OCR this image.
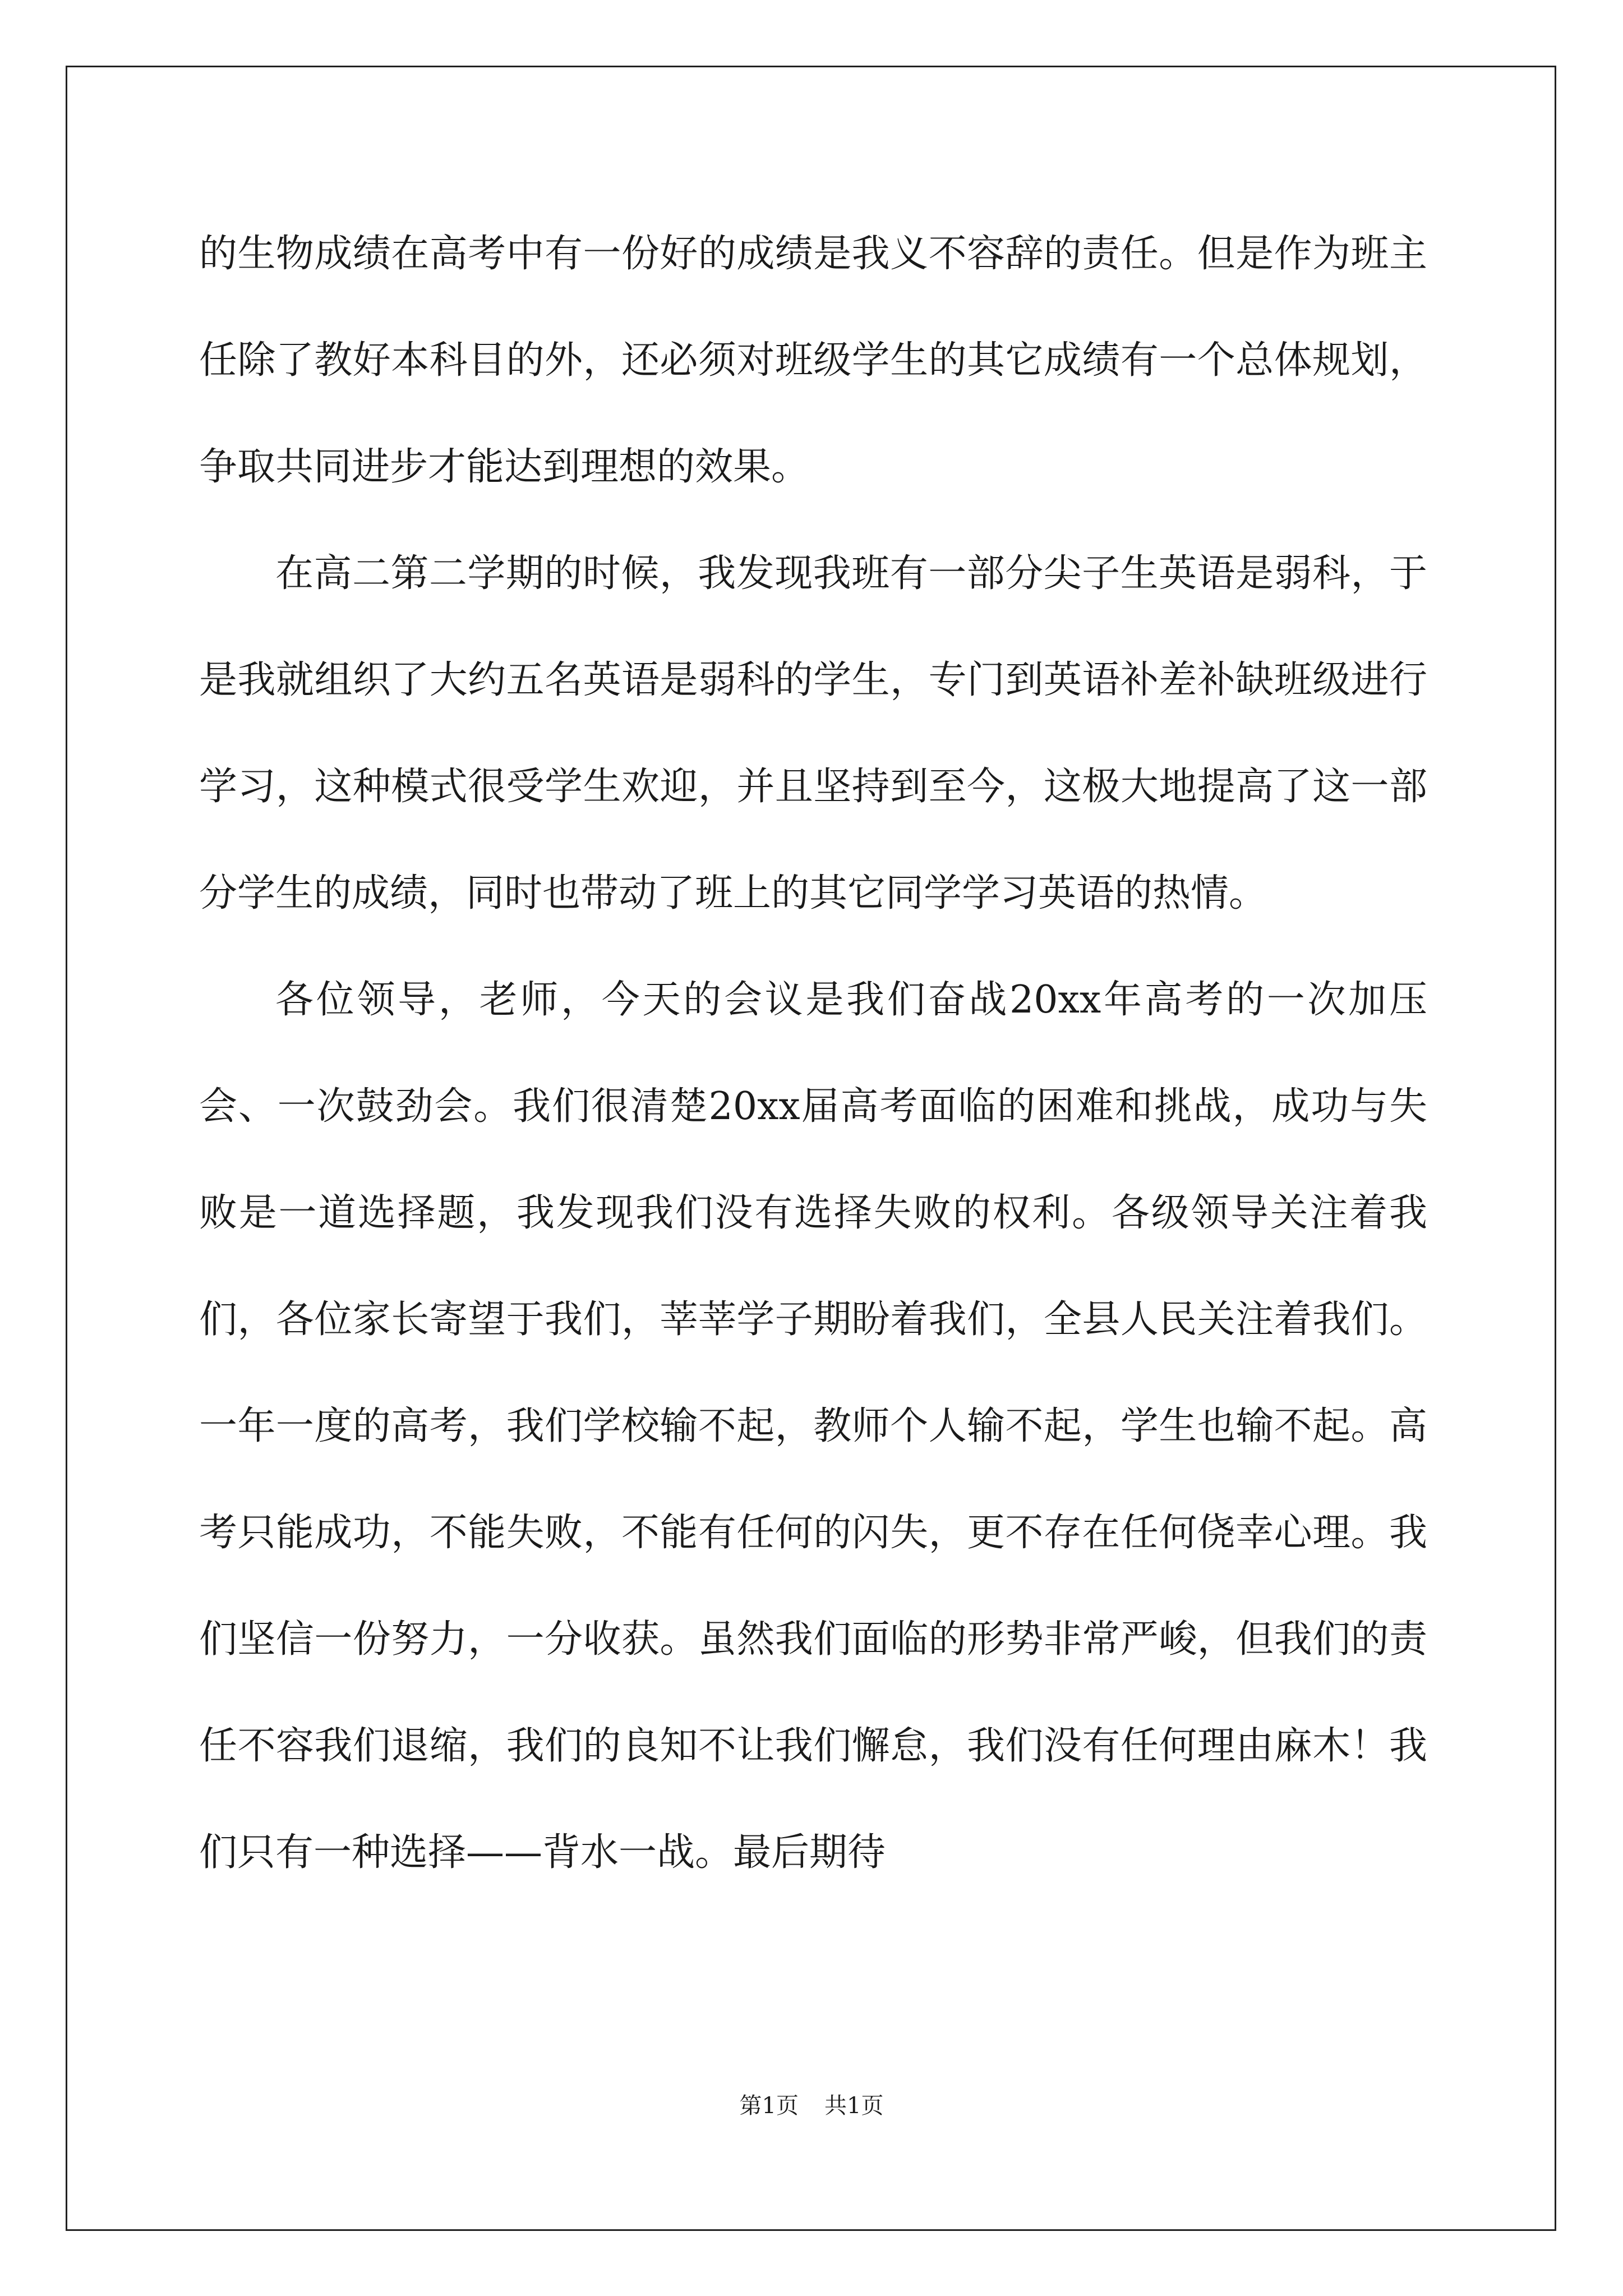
的生物成绩在高考中有一份好的成绩是我义不容辞的责任。但是作为班主任除了教好本科目的外，还必须对班级学生的其它成绩有一个总体规划，争取共同进步才能达到理想的效果。

在高二第二学期的时候，我发现我班有一部分尖子生英语是弱科，于是我就组织了大约五名英语是弱科的学生，专门到英语补差补缺班级进行学习，这种模式很受学生欢迎，并且坚持到至今，这极大地提高了这一部分学生的成绩，同时也带动了班上的其它同学学习英语的热情。

各位领导，老师，今天的会议是我们奋战20xx年高考的一次加压会、一次鼓劲会。我们很清楚20xx届高考面临的困难和挑战，成功与失败是一道选择题，我发现我们没有选择失败的权利。各级领导关注着我们，各位家长寄望于我们，莘莘学子期盼着我们，全县人民关注着我们。一年一度的高考，我们学校输不起，教师个人输不起，学生也输不起。高考只能成功，不能失败，不能有任何的闪失，更不存在任何侥幸心理。我们坚信一份努力，一分收获。虽然我们面临的形势非常严峻，但我们的责任不容我们退缩，我们的良知不让我们懈怠，我们没有任何理由麻木！我们只有一种选择——背水一战。最后期待

第1页 共1页
